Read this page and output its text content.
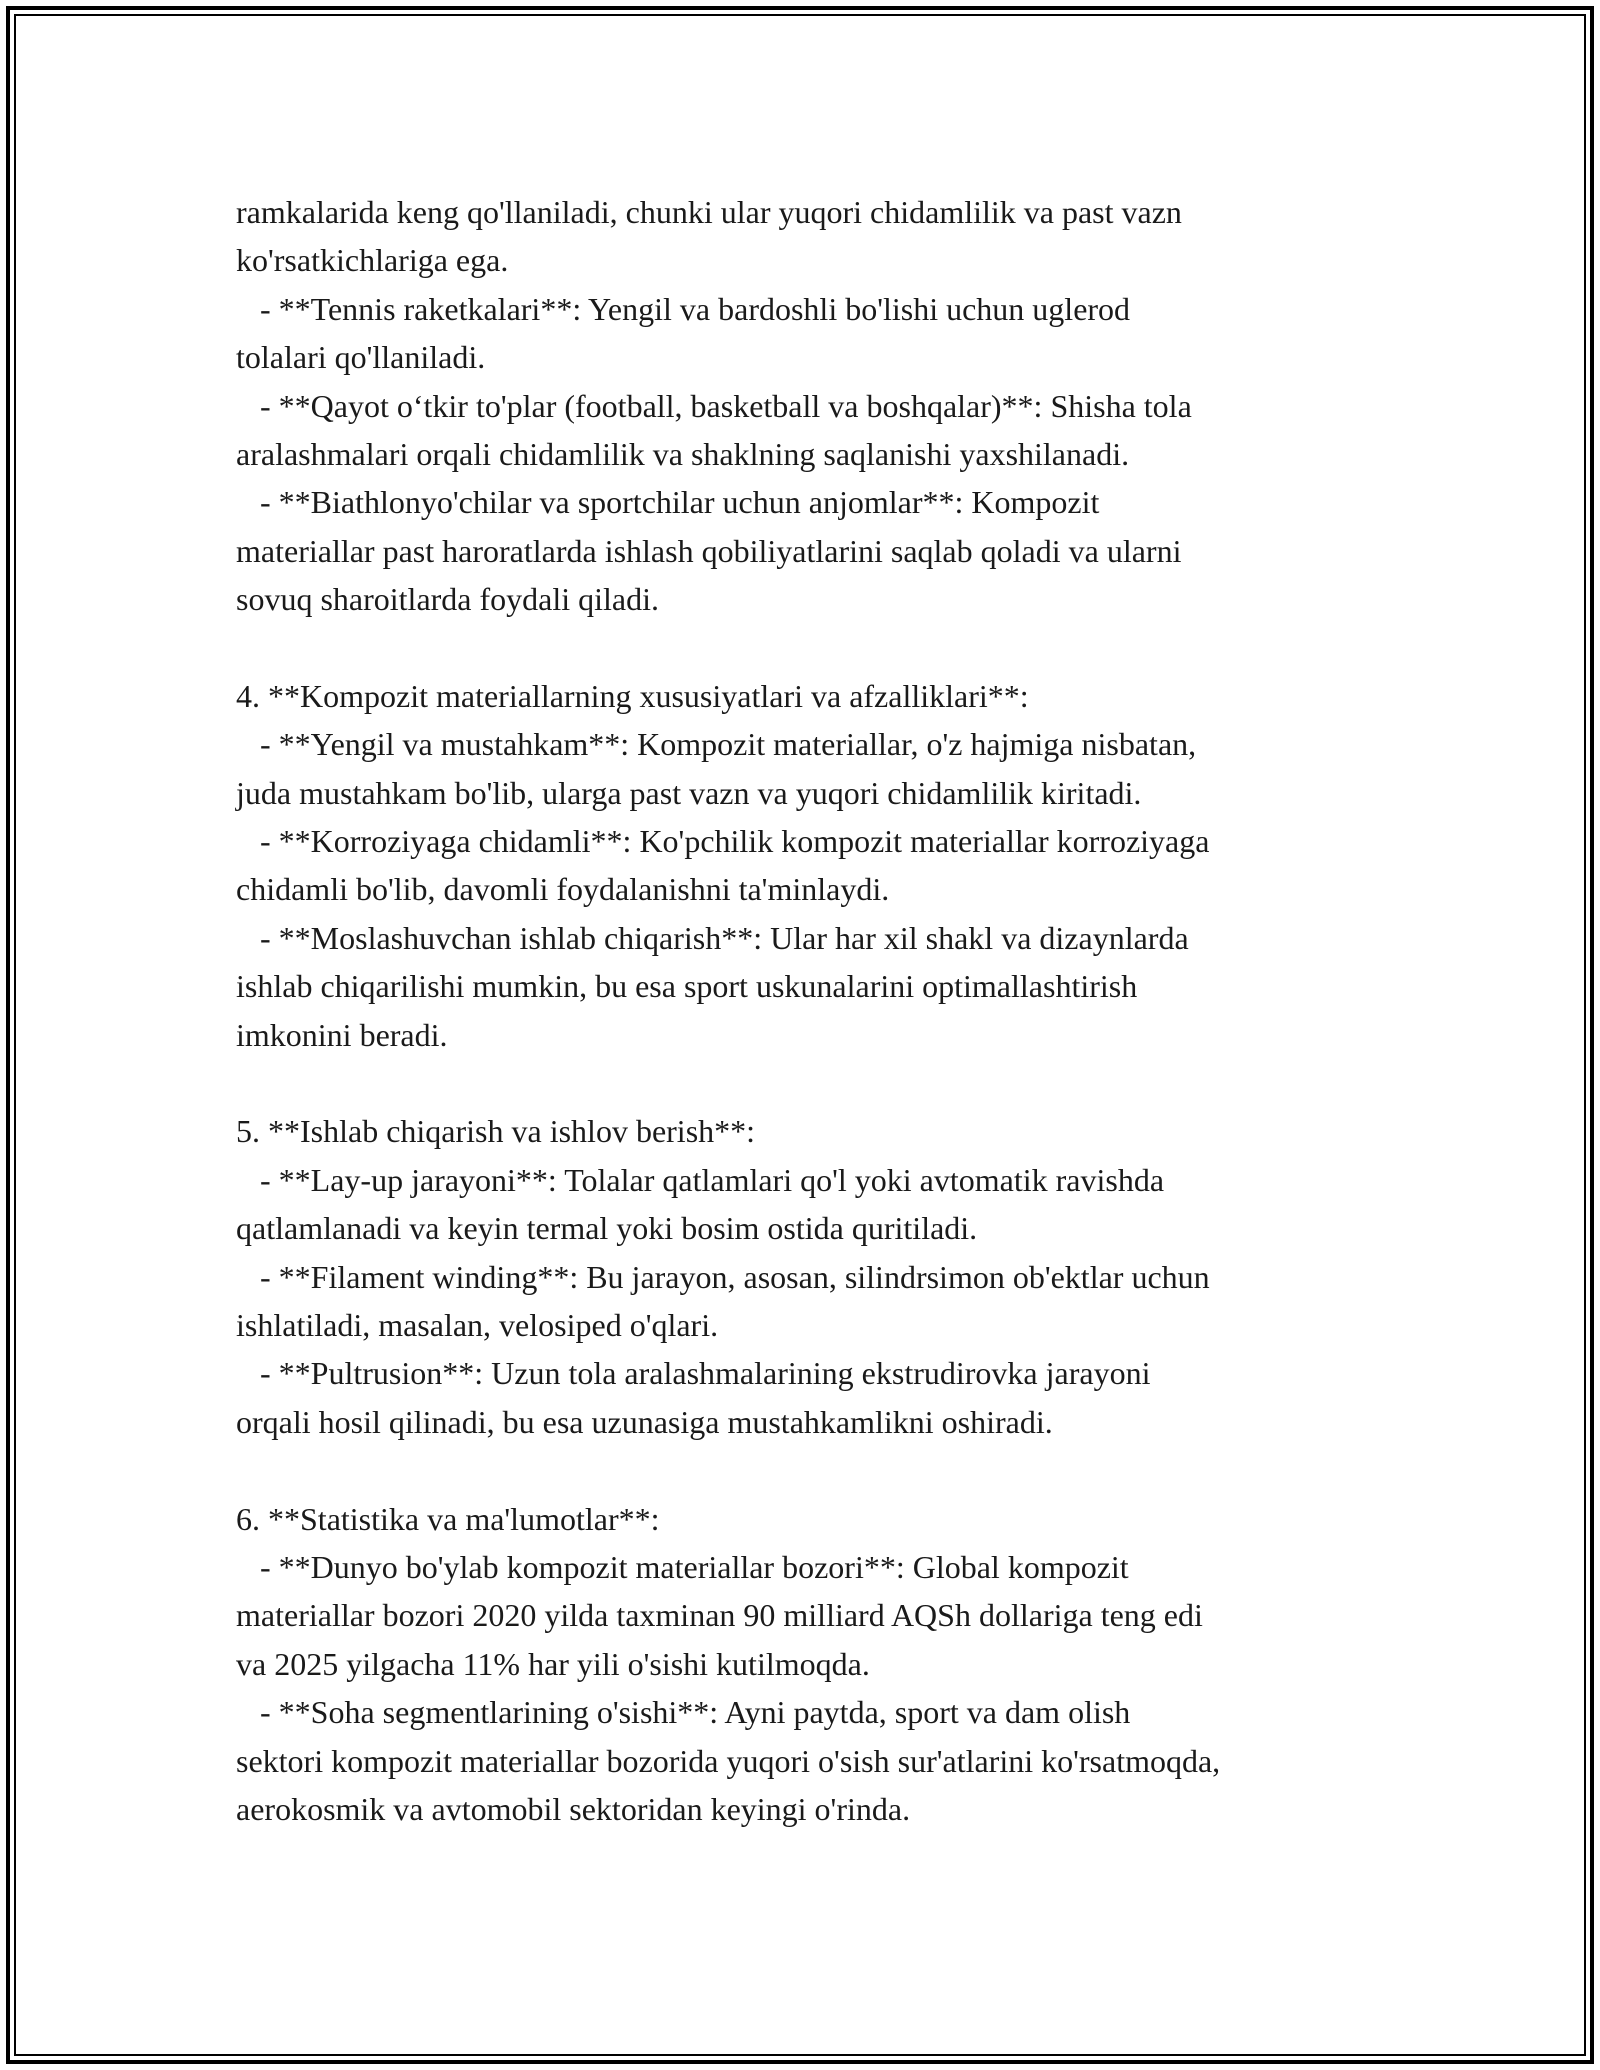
ramkalarida keng qo'llaniladi, chunki ular yuqori chidamlilik va past vazn
ko'rsatkichlariga ega.
- **Tennis raketkalari**: Yengil va bardoshli bo'lishi uchun uglerod
tolalari qo'llaniladi.
- **Qayot o‘tkir to'plar (football, basketball va boshqalar)**: Shisha tola
aralashmalari orqali chidamlilik va shaklning saqlanishi yaxshilanadi.
- **Biathlonyo'chilar va sportchilar uchun anjomlar**: Kompozit
materiallar past haroratlarda ishlash qobiliyatlarini saqlab qoladi va ularni
sovuq sharoitlarda foydali qiladi.
4. **Kompozit materiallarning xususiyatlari va afzalliklari**:
- **Yengil va mustahkam**: Kompozit materiallar, o'z hajmiga nisbatan,
juda mustahkam bo'lib, ularga past vazn va yuqori chidamlilik kiritadi.
- **Korroziyaga chidamli**: Ko'pchilik kompozit materiallar korroziyaga
chidamli bo'lib, davomli foydalanishni ta'minlaydi.
- **Moslashuvchan ishlab chiqarish**: Ular har xil shakl va dizaynlarda
ishlab chiqarilishi mumkin, bu esa sport uskunalarini optimallashtirish
imkonini beradi.
5. **Ishlab chiqarish va ishlov berish**:
- **Lay-up jarayoni**: Tolalar qatlamlari qo'l yoki avtomatik ravishda
qatlamlanadi va keyin termal yoki bosim ostida quritiladi.
- **Filament winding**: Bu jarayon, asosan, silindrsimon ob'ektlar uchun
ishlatiladi, masalan, velosiped o'qlari.
- **Pultrusion**: Uzun tola aralashmalarining ekstrudirovka jarayoni
orqali hosil qilinadi, bu esa uzunasiga mustahkamlikni oshiradi.
6. **Statistika va ma'lumotlar**:
- **Dunyo bo'ylab kompozit materiallar bozori**: Global kompozit
materiallar bozori 2020 yilda taxminan 90 milliard AQSh dollariga teng edi
va 2025 yilgacha 11% har yili o'sishi kutilmoqda.
- **Soha segmentlarining o'sishi**: Ayni paytda, sport va dam olish
sektori kompozit materiallar bozorida yuqori o'sish sur'atlarini ko'rsatmoqda,
aerokosmik va avtomobil sektoridan keyingi o'rinda.
